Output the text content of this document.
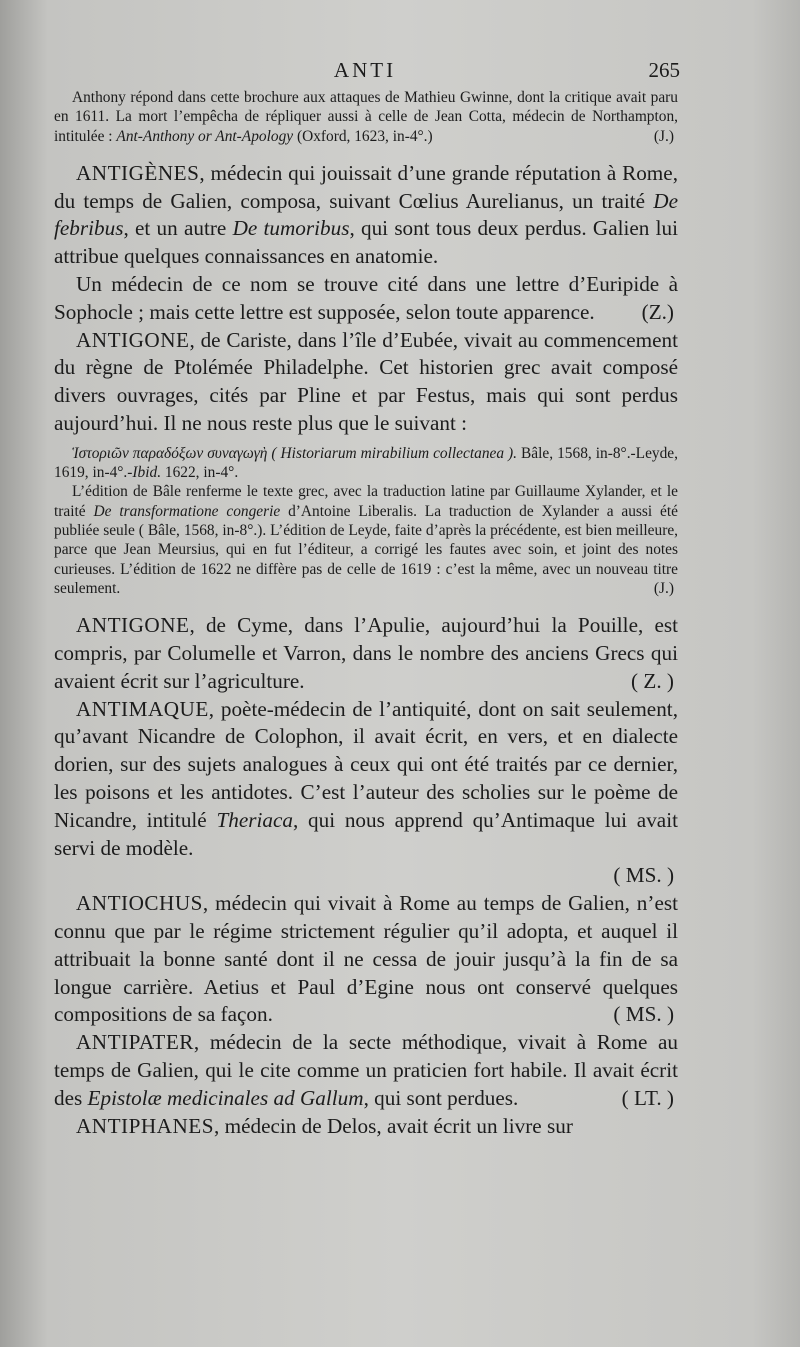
ANTI	265

Anthony répond dans cette brochure aux attaques de Mathieu Gwinne, dont la critique avait paru en 1611. La mort l’empêcha de répliquer aussi à celle de Jean Cotta, médecin de Northampton, intitulée : Ant-Anthony or Ant-Apology (Oxford, 1623, in-4°.)	(J.)

ANTIGÈNES, médecin qui jouissait d’une grande réputation à Rome, du temps de Galien, composa, suivant Cœlius Aurelianus, un traité De febribus, et un autre De tumoribus, qui sont tous deux perdus. Galien lui attribue quelques connaissances en anatomie.

Un médecin de ce nom se trouve cité dans une lettre d’Euripide à Sophocle ; mais cette lettre est supposée, selon toute apparence.	(Z.)

ANTIGONE, de Cariste, dans l’île d’Eubée, vivait au commencement du règne de Ptolémée Philadelphe. Cet historien grec avait composé divers ouvrages, cités par Pline et par Festus, mais qui sont perdus aujourd’hui. Il ne nous reste plus que le suivant :

Ἱστοριῶν παραδόξων συναγωγὴ ( Historiarum mirabilium collectanea ). Bâle, 1568, in-8°.-Leyde, 1619, in-4°.-Ibid. 1622, in-4°.

L’édition de Bâle renferme le texte grec, avec la traduction latine par Guillaume Xylander, et le traité De transformatione congerie d’Antoine Liberalis. La traduction de Xylander a aussi été publiée seule ( Bâle, 1568, in-8°.). L’édition de Leyde, faite d’après la précédente, est bien meilleure, parce que Jean Meursius, qui en fut l’éditeur, a corrigé les fautes avec soin, et joint des notes curieuses. L’édition de 1622 ne diffère pas de celle de 1619 : c’est la même, avec un nouveau titre seulement.	(J.)

ANTIGONE, de Cyme, dans l’Apulie, aujourd’hui la Pouille, est compris, par Columelle et Varron, dans le nombre des anciens Grecs qui avaient écrit sur l’agriculture.	( Z. )

ANTIMAQUE, poète-médecin de l’antiquité, dont on sait seulement, qu’avant Nicandre de Colophon, il avait écrit, en vers, et en dialecte dorien, sur des sujets analogues à ceux qui ont été traités par ce dernier, les poisons et les antidotes. C’est l’auteur des scholies sur le poème de Nicandre, intitulé Theriaca, qui nous apprend qu’Antimaque lui avait servi de modèle.
( MS. )

ANTIOCHUS, médecin qui vivait à Rome au temps de Galien, n’est connu que par le régime strictement régulier qu’il adopta, et auquel il attribuait la bonne santé dont il ne cessa de jouir jusqu’à la fin de sa longue carrière. Aetius et Paul d’Egine nous ont conservé quelques compositions de sa façon.	( MS. )

ANTIPATER, médecin de la secte méthodique, vivait à Rome au temps de Galien, qui le cite comme un praticien fort habile. Il avait écrit des Epistolæ medicinales ad Gallum, qui sont perdues.	( LT. )

ANTIPHANES, médecin de Delos, avait écrit un livre sur
